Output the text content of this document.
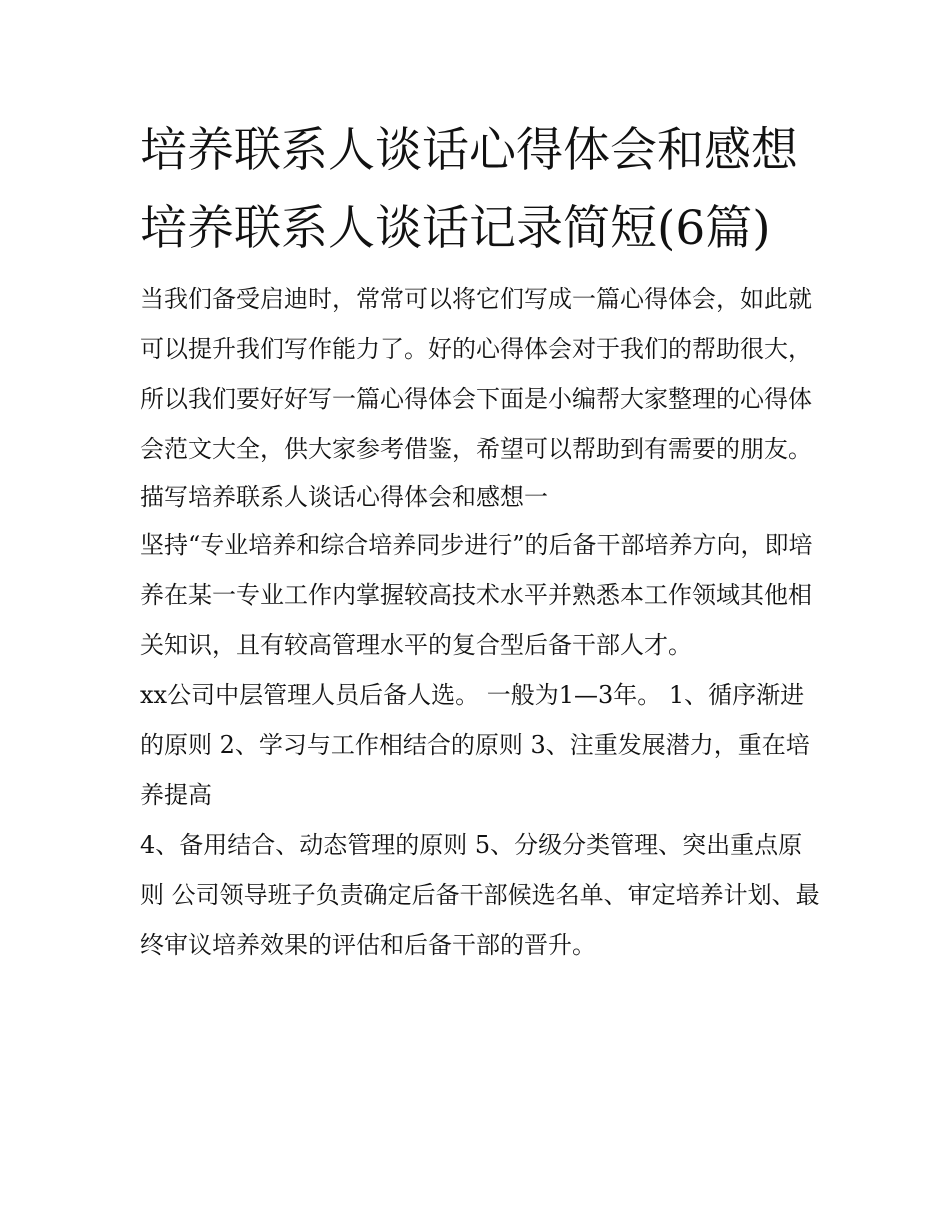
培养联系人谈话心得体会和感想 培养联系人谈话记录简短(6篇)

当我们备受启迪时，常常可以将它们写成一篇心得体会，如此就可以提升我们写作能力了。好的心得体会对于我们的帮助很大，所以我们要好好写一篇心得体会下面是小编帮大家整理的心得体会范文大全，供大家参考借鉴，希望可以帮助到有需要的朋友。

描写培养联系人谈话心得体会和感想一

坚持“专业培养和综合培养同步进行”的后备干部培养方向，即培养在某一专业工作内掌握较高技术水平并熟悉本工作领域其他相关知识，且有较高管理水平的复合型后备干部人才。

xx公司中层管理人员后备人选。 一般为1—3年。 1、循序渐进的原则 2、学习与工作相结合的原则 3、注重发展潜力，重在培养提高

4、备用结合、动态管理的原则 5、分级分类管理、突出重点原则 公司领导班子负责确定后备干部候选名单、审定培养计划、最终审议培养效果的评估和后备干部的晋升。
